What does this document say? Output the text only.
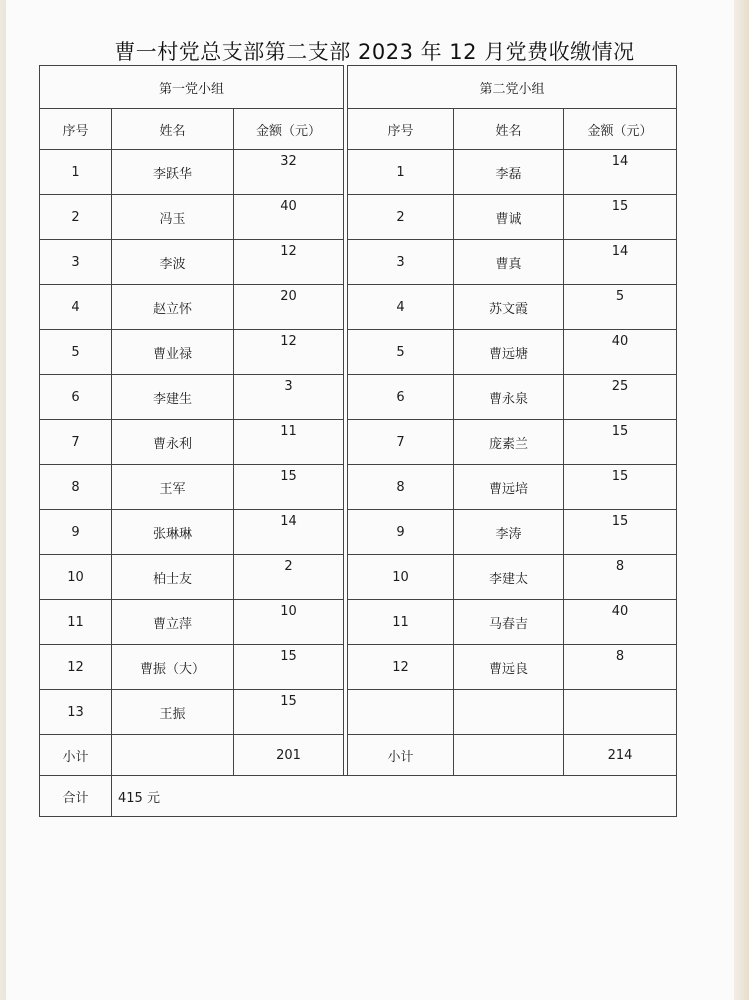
曹一村党总支部第二支部 2023 年 12 月党费收缴情况
第一党小组				第二党小组		
序号	姓名	金额（元）		序号	姓名	金额（元）
1	李跃华	32		1	李磊	14
2	冯玉	40		2	曹诚	15
3	李波	12		3	曹真	14
4	赵立怀	20		4	苏文霞	5
5	曹业禄	12		5	曹远塘	40
6	李建生	3		6	曹永泉	25
7	曹永利	11		7	庞素兰	15
8	王军	15		8	曹远培	15
9	张琳琳	14		9	李涛	15
10	柏士友	2		10	李建太	8
11	曹立萍	10		11	马春吉	40
12	曹振（大）	15		12	曹远良	8
13	王振	15				
小计		201		小计		214
合计	415 元					
